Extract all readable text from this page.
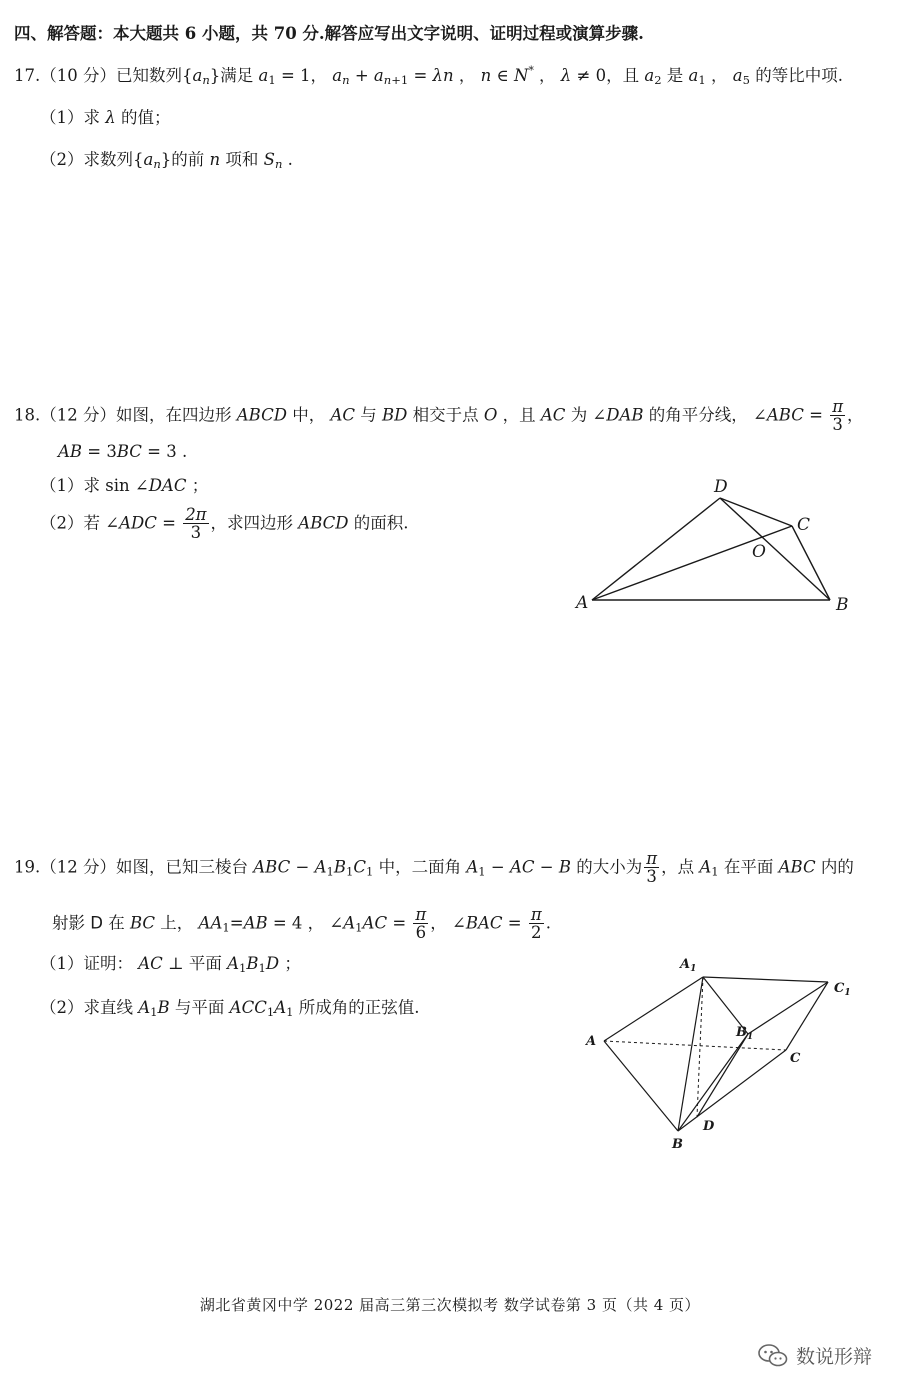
四、解答题：本大题共 6 小题，共 70 分.解答应写出文字说明、证明过程或演算步骤.
17.（10 分）已知数列$\{a_n\}$满足 $a_1 = 1$， $a_n + a_{n+1} = \lambda n$ ， n ∈ N* ， λ ≠ 0，且 $a_2$ 是 $a_1$ ， $a_5$ 的等比中项.
（1）求 λ 的值；
（2）求数列$\{a_n\}$的前 n 项和 $S_n$ .
18.（12 分）如图，在四边形 ABCD 中， AC 与 BD 相交于点 O ，且 AC 为 ∠DAB 的角平分线， ∠ABC = $\frac{\pi}{3}$ ，
AB = 3BC = 3 .
（1）求 sin ∠DAC ；
（2）若 ∠ADC = $\frac{2\pi}{3}$ ，求四边形 ABCD 的面积.
A	B
C
D
O
19.（12 分）如图，已知三棱台 ABC − $A_1B_1C_1$ 中，二面角 $A_1$ − AC − B 的大小为 $\frac{\pi}{3}$ ，点 $A_1$ 在平面 ABC 内的
射影 D 在 BC 上， $AA_1=AB = 4$ ， $\angle A_1AC = \frac{\pi}{6}$ ， ∠BAC = $\frac{\pi}{2}$ .
（1）证明： AC ⊥ 平面 $A_1B_1D$ ；
（2）求直线 $A_1B$ 与平面 $ACC_1A_1$ 所成角的正弦值.
A
B
C
D
$A_1$
$B_1$
$C_1$
湖北省黄冈中学 2022 届高三第三次模拟考 数学试卷第 3 页（共 4 页）
数说形辩
